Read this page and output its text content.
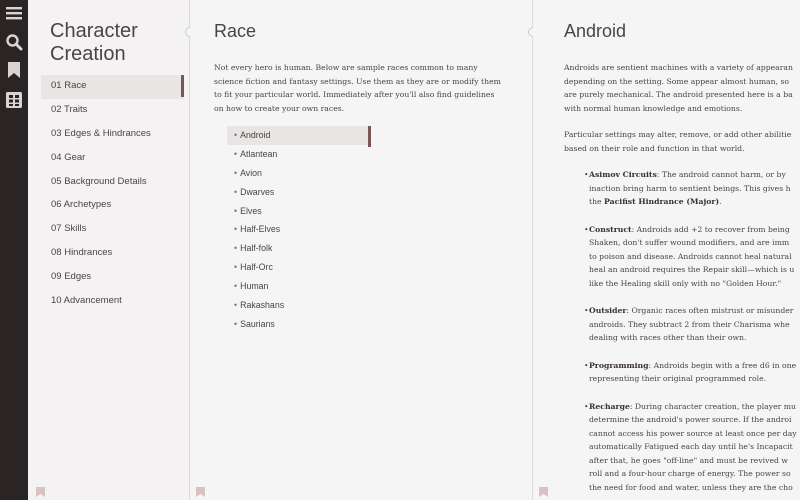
Character
Creation
01 Race
02 Traits
03 Edges & Hindrances
04 Gear
05 Background Details
06 Archetypes
07 Skills
08 Hindrances
09 Edges
10 Advancement
Race

Not every hero is human. Below are sample races common to many science fiction and fantasy settings. Use them as they are or modify them to fit your particular world. Immediately after you'll also find guidelines on how to create your own races.

• Android
• Atlantean
• Avion
• Dwarves
• Elves
• Half-Elves
• Half-folk
• Half-Orc
• Human
• Rakashans
• Saurians
Android

Androids are sentient machines with a variety of appearan
depending on the setting. Some appear almost human, so
are purely mechanical. The android presented here is a ba
with normal human knowledge and emotions.

Particular settings may alter, remove, or add other abilitie
based on their role and function in that world.

• Asimov Circuits: The android cannot harm, or by
inaction bring harm to sentient beings. This gives h
the Pacifist Hindrance (Major).
• Construct: Androids add +2 to recover from being
Shaken, don't suffer wound modifiers, and are imm
to poison and disease. Androids cannot heal natural
heal an android requires the Repair skill—which is u
like the Healing skill only with no "Golden Hour."
• Outsider: Organic races often mistrust or misunder
androids. They subtract 2 from their Charisma whe
dealing with races other than their own.
• Programming: Androids begin with a free d6 in one
representing their original programmed role.
• Recharge: During character creation, the player mu
determine the android's power source. If the androi
cannot access his power source at least once per day
automatically Fatigued each day until he's Incapacit
after that, he goes "off-line" and must be revived w
roll and a four-hour charge of energy. The power so
the need for food and water, unless they are the cho
